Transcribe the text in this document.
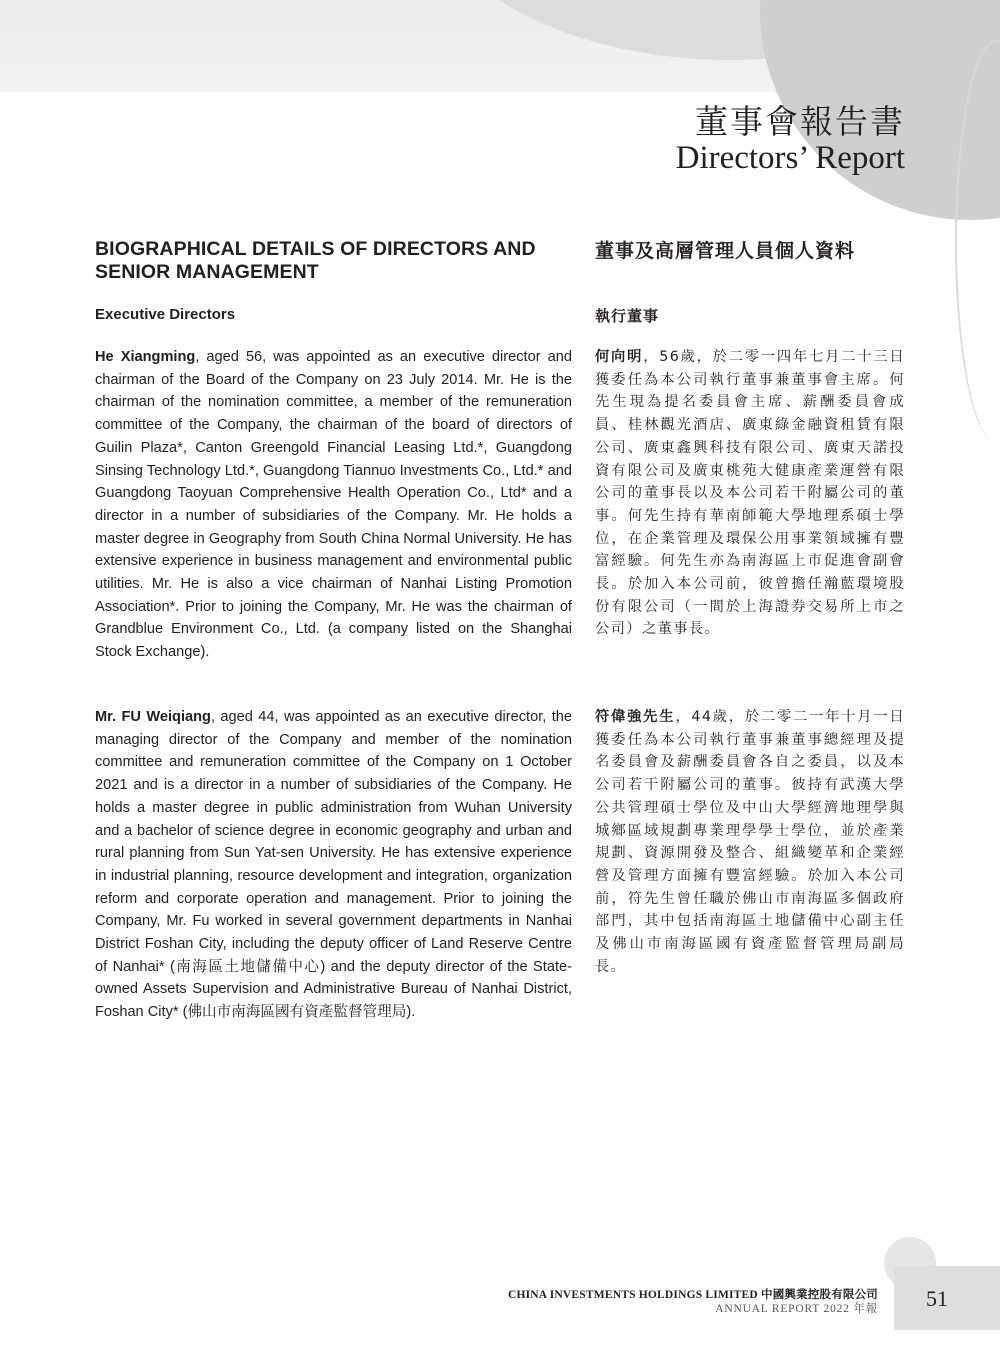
董事會報告書
Directors’ Report
BIOGRAPHICAL DETAILS OF DIRECTORS AND SENIOR MANAGEMENT
董事及高層管理人員個人資料
Executive Directors	執行董事
He Xiangming, aged 56, was appointed as an executive director and chairman of the Board of the Company on 23 July 2014. Mr. He is the chairman of the nomination committee, a member of the remuneration committee of the Company, the chairman of the board of directors of Guilin Plaza*, Canton Greengold Financial Leasing Ltd.*, Guangdong Sinsing Technology Ltd.*, Guangdong Tiannuo Investments Co., Ltd.* and Guangdong Taoyuan Comprehensive Health Operation Co., Ltd* and a director in a number of subsidiaries of the Company. Mr. He holds a master degree in Geography from South China Normal University. He has extensive experience in business management and environmental public utilities. Mr. He is also a vice chairman of Nanhai Listing Promotion Association*. Prior to joining the Company, Mr. He was the chairman of Grandblue Environment Co., Ltd. (a company listed on the Shanghai Stock Exchange).
何向明，56歲，於二零一四年七月二十三日獲委任為本公司執行董事兼董事會主席。何先生現為提名委員會主席、薪酬委員會成員、桂林觀光酒店、廣東綠金融資租賃有限公司、廣東鑫興科技有限公司、廣東天諾投資有限公司及廣東桃苑大健康產業運營有限公司的董事長以及本公司若干附屬公司的董事。何先生持有華南師範大學地理系碩士學位，在企業管理及環保公用事業領域擁有豐富經驗。何先生亦為南海區上市促進會副會長。於加入本公司前，彼曾擔任瀚藍環境股份有限公司（一間於上海證券交易所上市之公司）之董事長。
Mr. FU Weiqiang, aged 44, was appointed as an executive director, the managing director of the Company and member of the nomination committee and remuneration committee of the Company on 1 October 2021 and is a director in a number of subsidiaries of the Company. He holds a master degree in public administration from Wuhan University and a bachelor of science degree in economic geography and urban and rural planning from Sun Yat-sen University. He has extensive experience in industrial planning, resource development and integration, organization reform and corporate operation and management. Prior to joining the Company, Mr. Fu worked in several government departments in Nanhai District Foshan City, including the deputy officer of Land Reserve Centre of Nanhai* (南海區土地儲備中心) and the deputy director of the State-owned Assets Supervision and Administrative Bureau of Nanhai District, Foshan City* (佛山市南海區國有資產監督管理局).
符偉強先生，44歲，於二零二一年十月一日獲委任為本公司執行董事兼董事總經理及提名委員會及薪酬委員會各自之委員，以及本公司若干附屬公司的董事。彼持有武漢大學公共管理碩士學位及中山大學經濟地理學與城鄉區域規劃專業理學學士學位，並於產業規劃、資源開發及整合、組織變革和企業經營及管理方面擁有豐富經驗。於加入本公司前，符先生曾任職於佛山市南海區多個政府部門，其中包括南海區土地儲備中心副主任及佛山市南海區國有資產監督管理局副局長。
51
CHINA INVESTMENTS HOLDINGS LIMITED 中國興業控股有限公司
ANNUAL REPORT 2022 年報
